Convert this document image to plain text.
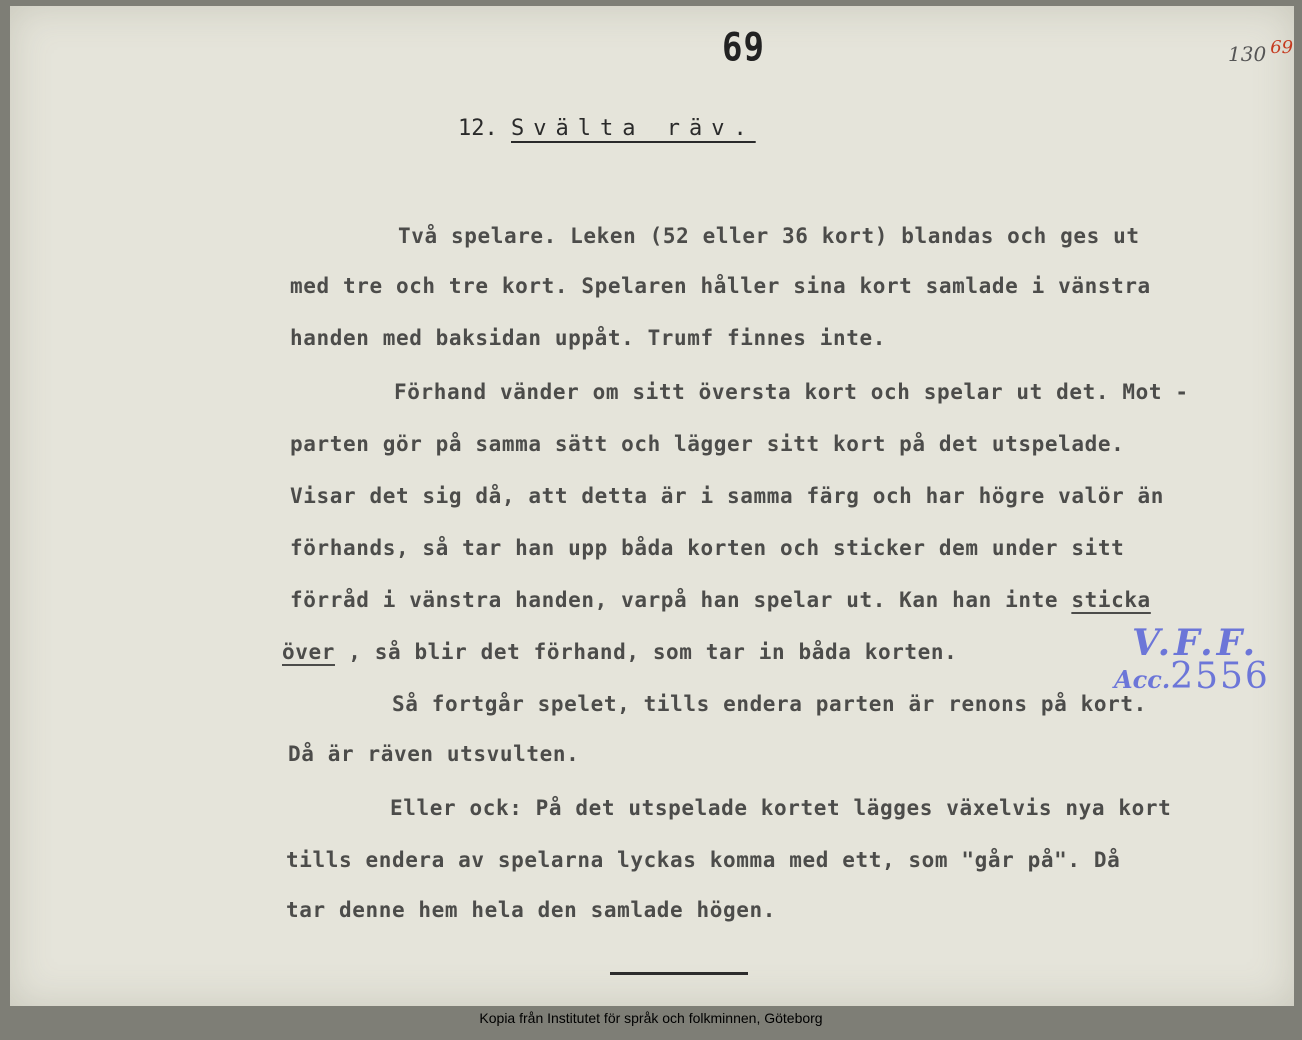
69	130 69
12. Svälta räv.
Två spelare. Leken (52 eller 36 kort) blandas och ges ut
med tre och tre kort. Spelaren håller sina kort samlade i vänstra
handen med baksidan uppåt. Trumf finnes inte.
Förhand vänder om sitt översta kort och spelar ut det. Mot -
parten gör på samma sätt och lägger sitt kort på det utspelade.
Visar det sig då, att detta är i samma färg och har högre valör än
förhands, så tar han upp båda korten och sticker dem under sitt
förråd i vänstra handen, varpå han spelar ut. Kan han inte sticka
över , så blir det förhand, som tar in båda korten.
Så fortgår spelet, tills endera parten är renons på kort.
Då är räven utsvulten.
Eller ock: På det utspelade kortet lägges växelvis nya kort
tills endera av spelarna lyckas komma med ett, som "går på". Då
tar denne hem hela den samlade högen.
V.F.F.
Acc.2556
Kopia från Institutet för språk och folkminnen, Göteborg
